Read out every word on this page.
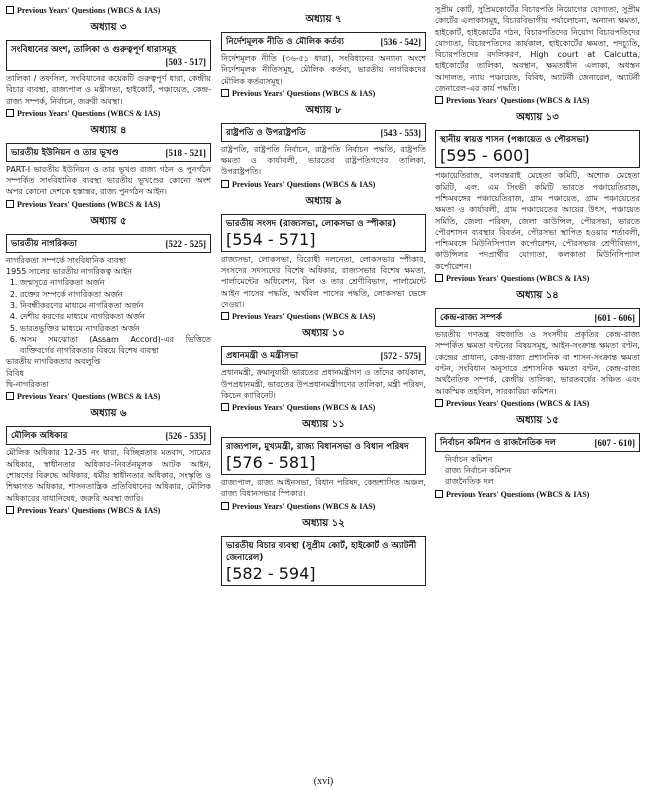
Previous Years' Questions (WBCS & IAS)
অধ্যায় ৩
সংবিধানের অংশ, তালিকা ও গুরুত্বপূর্ণ ধারাসমূহ
[503 - 517]

তালিকা / তফসিল, সংবিধানের কয়েকটি গুরুত্বপূর্ণ ধারা, কেন্দ্রীয় বিচার ব্যবস্থা, রাজ্যপাল ও মন্ত্রীসভা, হাইকোর্ট, পঞ্চায়েত, কেন্দ্র-রাজ্য সম্পর্ক, নির্বাচন, জরুরী অবস্থা।
Previous Years' Questions (WBCS & IAS)
অধ্যায় ৪
[518 - 521]
ভারতীয় ইউনিয়ন ও তার ভূখণ্ড
PART-I ভারতীয় ইউনিয়ন ও তার ভূখণ্ড রাজ্য গঠন ও পুনর্গঠন সম্পর্কিত সাংবিধানিক ব্যবস্থা ভারতীয় ভূখণ্ডের কোনো অংশ অপর কোনো দেশকে হস্তান্তর, রাজ্য পুনর্গঠন আইন।
Previous Years' Questions (WBCS & IAS)
অধ্যায় ৫
[522 - 525]
ভারতীয় নাগরিকতা

নাগরিকতা সম্পর্কে সাংবিধানিক ব্যবস্থা

1955 সালের ভারতীয় নাগরিকত্ব আইন

1. জন্মসূত্রে নাগরিকতা অর্জন
2. রক্তের সম্পর্কে নাগরিকতা অর্জন
3. নিবন্ধীকরণের মাধ্যমে নাগরিকতা অর্জন
4. দেশীয় করণের মাধ্যমে নাগরিকতা অর্জন
5. ভারতভুক্তির মাধ্যমে নাগরিকতা অর্জন
6. অসম সমঝোতা (Assam Accord)-এর ভিত্তিতে ব্যক্তিবর্গের নাগরিকতার বিষয়ে বিশেষ ব্যবস্থা

ভারতীয় নাগরিকতার অবলুপ্তি

বিবিধ

দ্বি-নাগরিকতা

Previous Years' Questions (WBCS & IAS)
অধ্যায় ৬
[526 - 535]
মৌলিক অধিকার
মৌলিক অধিকার 12-35 নং ধারা, বিচ্ছিন্নতার মতবাদ, সাম্যের অধিকার, স্বাধীনতার অধিকার–নিবর্তনমূলক আটক আইন, শোষণের বিরুদ্ধে অধিকার, ধর্মীয় স্বাধীনতার অধিকার, সংস্কৃতি ও শিক্ষাগত অধিকার, শাসনতান্ত্রিক প্রতিবিধানের অধিকার, মৌলিক অধিকারের বাধানিষেধ, জরুরি অবস্থা জারি।
Previous Years' Questions (WBCS & IAS)
অধ্যায় ৭
[536 - 542]
নির্দেশমূলক নীতি ও মৌলিক কর্তব্য
নির্দেশমূলক নীতি (৩৬-৫১ ধারা), সংবিধানের অন্যান্য অংশে নির্দেশমূলক নীতিসমূহ, মৌলিক কর্তব্য, ভারতীয় নাগরিকদের মৌলিক কর্তব্যসমূহ।
Previous Years' Questions (WBCS & IAS)
অধ্যায় ৮
[543 - 553]
রাষ্ট্রপতি ও উপরাষ্ট্রপতি
রাষ্ট্রপতি, রাষ্ট্রপতি নির্বাচন, রাষ্ট্রপতি নির্বাচন পদ্ধতি, রাষ্ট্রপতি ক্ষমতা ও কার্যাবলী, ভারতের রাষ্ট্রপতিগণের তালিকা, উপরাষ্ট্রপতি।
Previous Years' Questions (WBCS & IAS)
অধ্যায় ৯
ভারতীয় সংসদ (রাজ্যসভা, লোকসভা ও স্পীকার)
[554 - 571]
রাজ্যসভা, লোকসভা, বিরোধী দলনেতা, লোকসভার স্পীকার, সংসদের সদস্যদের বিশেষ অধিকার, রাজ্যসভার বিশেষ ক্ষমতা, পার্লামেন্টের অধিবেশন, বিল ও তার শ্রেণীবিভাগ, পার্লামেন্টে আইন পাসের পদ্ধতি, অর্থবিল পাসের পদ্ধতি, লোকসভা ভেঙ্গে দেওয়া।
Previous Years' Questions (WBCS & IAS)
অধ্যায় ১০
[572 - 575]
প্রধানমন্ত্রী ও মন্ত্রীসভা
প্রধানমন্ত্রী, ক্রমানুযায়ী ভারতের প্রধানমন্ত্রীগণ ও তাঁদের কার্যকাল, উপপ্রধানমন্ত্রী, ভারতের উপপ্রধানমন্ত্রীগণের তালিকা, মন্ত্রী পরিষদ, কিচেন ক্যাবিনেট।
Previous Years' Questions (WBCS & IAS)
অধ্যায় ১১
রাজ্যপাল, মুখ্যমন্ত্রী, রাজ্য বিধানসভা ও বিধান পরিষদ
[576 - 581]
রাজ্যপাল, রাজ্য আইনসভা, বিধান পরিষদ, কেন্দ্রশাসিত অঞ্চল, রাজ্য বিধানসভার স্পিকার।
Previous Years' Questions (WBCS & IAS)
অধ্যায় ১২
ভারতীয় বিচার ব্যবস্থা (সুপ্রীম কোর্ট, হাইকোর্ট ও অ্যাটর্নী জেনারেল)
[582 - 594]
সুপ্রীম কোর্ট, সুপ্রিমকোর্টের বিচারপতি নিয়োগের যোগ্যতা, সুপ্রীম কোর্টের এলাকাসমূহ, বিচারবিভাগীয় পর্যালোচনা, অন্যান্য ক্ষমতা, হাইকোর্ট, হাইকোর্টের গঠন, বিচারপতিদের নিয়োগ বিচারপতিদের যোগ্যতা, বিচারপতিদের কার্যকাল, হাইকোর্টের ক্ষমতা, পদচ্যুতি, বিচারপতিদের বদলিকরণ, High court at Calcutta, হাইকোর্টের তালিকা, অবস্থান, ক্ষমতাধীন এলাকা, অধস্তন আদালত, ন্যায় পঞ্চায়েত, বিবিধ, অ্যাটর্নী জেনারেল, অ্যাটর্নী জেনারেল-এর কার্য পদ্ধতি।
Previous Years' Questions (WBCS & IAS)
অধ্যায় ১৩
স্থানীয় স্বায়ত্ত শাসন (পঞ্চায়েত ও পৌরসভা)
[595 - 600]
পঞ্চায়েতিরাজ, বলবন্তরাই মেহেতা কমিটি, অশোক মেহেতা কমিটি, এল. এম সিংভী কমিটি ভারতে পঞ্চায়েতিরাজ, পশ্চিমবঙ্গের পঞ্চায়েতিরাজ, গ্রাম পঞ্চায়েত, গ্রাম পঞ্চায়েতের ক্ষমতা ও কার্যাবলী, গ্রাম পঞ্চায়েতের আয়ের উৎস, পঞ্চায়েত সমিতি, জেলা পরিষদ, জেলা কাউন্সিল, পৌরসভা, ভারতে পৌরশাসন ব্যবস্থার বিবর্তন, পৌরসভা স্থাপিত হওয়ার শর্তাবলী, পশ্চিমবঙ্গে মিউনিসিপ্যাল কর্পোরেশন, পৌরসভার শ্রেণীবিভাগ, কাউন্সিলর পদপ্রার্থীর যোগ্যতা, কলকাতা মিউনিসিপ্যাল কর্পোরেশন।
Previous Years' Questions (WBCS & IAS)
অধ্যায় ১৪
[601 - 606]
কেন্দ্র-রাজ্য সম্পর্ক
ভারতীয় গণতন্ত্র বহুজাতি ও সংসদীয় প্রকৃতির কেন্দ্র-রাজ্য সম্পর্কিত ক্ষমতা বণ্টনের বিষয়সমূহ, আইন-সংক্রান্ত ক্ষমতা বণ্টন, কেন্দ্রের প্রাধান্য, কেন্দ্র-রাজ্য প্রশাসনিক বা শাসন-সংক্রান্ত ক্ষমতা বণ্টন, সংবিধান অনুসারে প্রশাসনিক ক্ষমতা বণ্টন, কেন্দ্র-রাজ্য অর্থনৈতিক সম্পর্ক, কেন্দ্রীয় তালিকা, ভারতবর্ষের সঞ্চিত এবং আকস্মিক তহবিল, সারকারিয়া কমিশন।
Previous Years' Questions (WBCS & IAS)
অধ্যায় ১৫
[607 - 610]
নির্বাচন কমিশন ও রাজনৈতিক দল

নির্বাচন কমিশন

রাজ্য নির্বাচন কমিশন

রাজনৈতিক দল

Previous Years' Questions (WBCS & IAS)
(xvi)
